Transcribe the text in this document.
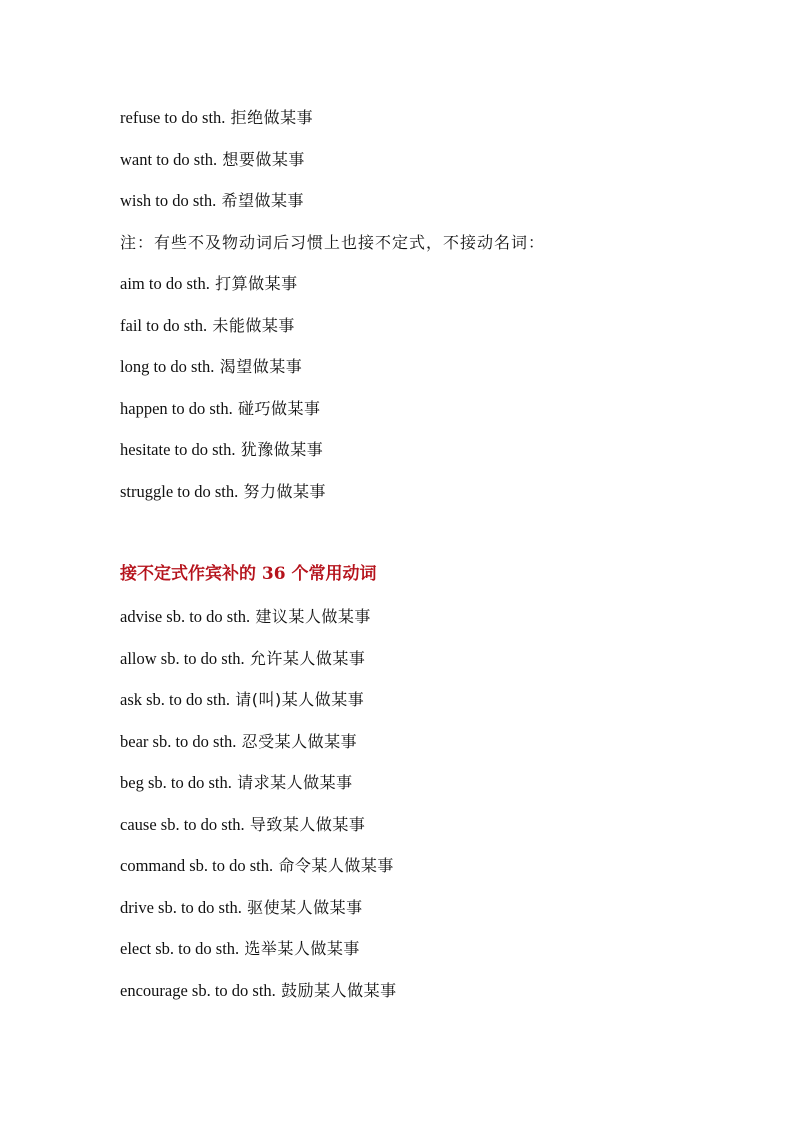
refuse to do sth. 拒绝做某事
want to do sth. 想要做某事
wish to do sth. 希望做某事
注：有些不及物动词后习惯上也接不定式，不接动名词：
aim to do sth. 打算做某事
fail to do sth. 未能做某事
long to do sth. 渴望做某事
happen to do sth. 碰巧做某事
hesitate to do sth. 犹豫做某事
struggle to do sth. 努力做某事
接不定式作宾补的 36 个常用动词
advise sb. to do sth. 建议某人做某事
allow sb. to do sth. 允许某人做某事
ask sb. to do sth. 请(叫)某人做某事
bear sb. to do sth. 忍受某人做某事
beg sb. to do sth. 请求某人做某事
cause sb. to do sth. 导致某人做某事
command sb. to do sth. 命令某人做某事
drive sb. to do sth. 驱使某人做某事
elect sb. to do sth. 选举某人做某事
encourage sb. to do sth. 鼓励某人做某事
